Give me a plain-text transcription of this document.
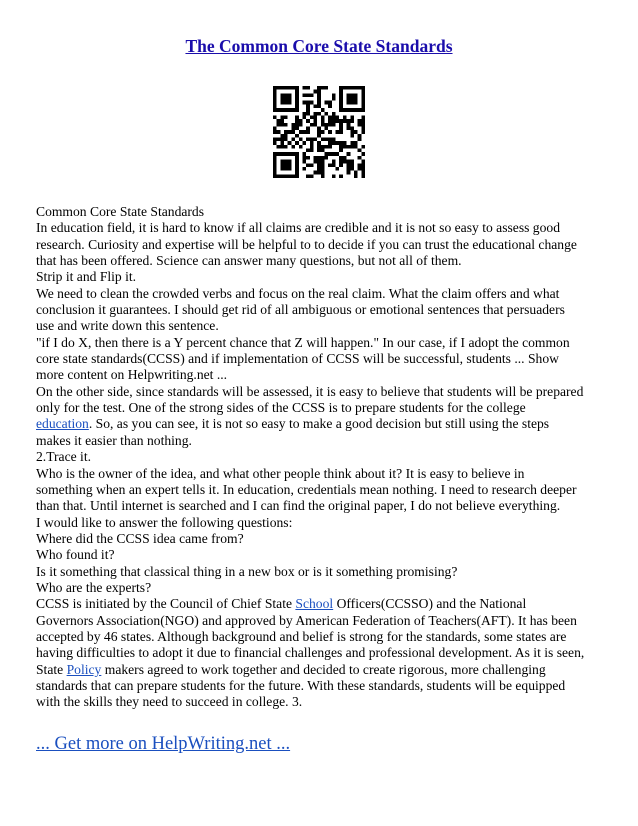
The Common Core State Standards
Common Core State Standards
In education field, it is hard to know if all claims are credible and it is not so easy to assess good
research. Curiosity and expertise will be helpful to to decide if you can trust the educational change
that has been offered. Science can answer many questions, but not all of them.
Strip it and Flip it.
We need to clean the crowded verbs and focus on the real claim. What the claim offers and what
conclusion it guarantees. I should get rid of all ambiguous or emotional sentences that persuaders
use and write down this sentence.
"if I do X, then there is a Y percent chance that Z will happen." In our case, if I adopt the common
core state standards(CCSS) and if implementation of CCSS will be successful, students ... Show
more content on Helpwriting.net ...
On the other side, since standards will be assessed, it is easy to believe that students will be prepared
only for the test. One of the strong sides of the CCSS is to prepare students for the college
education. So, as you can see, it is not so easy to make a good decision but still using the steps
makes it easier than nothing.
2.Trace it.
Who is the owner of the idea, and what other people think about it? It is easy to believe in
something when an expert tells it. In education, credentials mean nothing. I need to research deeper
than that. Until internet is searched and I can find the original paper, I do not believe everything.
I would like to answer the following questions:
Where did the CCSS idea came from?
Who found it?
Is it something that classical thing in a new box or is it something promising?
Who are the experts?
CCSS is initiated by the Council of Chief State School Officers(CCSSO) and the National
Governors Association(NGO) and approved by American Federation of Teachers(AFT). It has been
accepted by 46 states. Although background and belief is strong for the standards, some states are
having difficulties to adopt it due to financial challenges and professional development. As it is seen,
State Policy makers agreed to work together and decided to create rigorous, more challenging
standards that can prepare students for the future. With these standards, students will be equipped
with the skills they need to succeed in college. 3.

... Get more on HelpWriting.net ...
